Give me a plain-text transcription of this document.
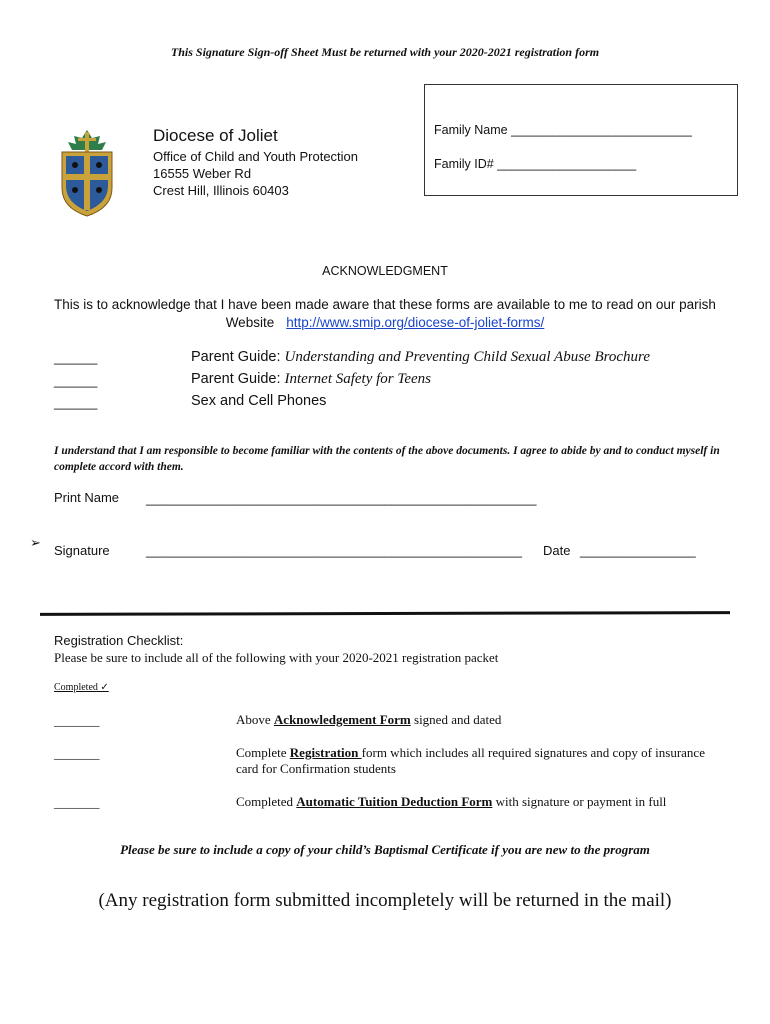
This Signature Sign-off Sheet Must be returned with your 2020-2021 registration form
Diocese of Joliet
Office of Child and Youth Protection
16555 Weber Rd
Crest Hill, Illinois 60403
Family Name __________________________
Family ID# ____________________
ACKNOWLEDGMENT
This is to acknowledge that I have been made aware that these forms are available to me to read on our parish
Website http://www.smip.org/diocese-of-joliet-forms/
______	Parent Guide: Understanding and Preventing Child Sexual Abuse Brochure
______	Parent Guide: Internet Safety for Teens
______	Sex and Cell Phones
I understand that I am responsible to become familiar with the contents of the above documents. I agree to abide by and to conduct myself in complete accord with them.
Print Name ______________________________________________________
➢
Signature	____________________________________________________ Date ________________
Registration Checklist:
Please be sure to include all of the following with your 2020-2021 registration packet
Completed ✓
_______	Above Acknowledgement Form signed and dated
_______	Complete Registration form which includes all required signatures and copy of insurance card for Confirmation students
_______	Completed Automatic Tuition Deduction Form with signature or payment in full
Please be sure to include a copy of your child’s Baptismal Certificate if you are new to the program
(Any registration form submitted incompletely will be returned in the mail)
